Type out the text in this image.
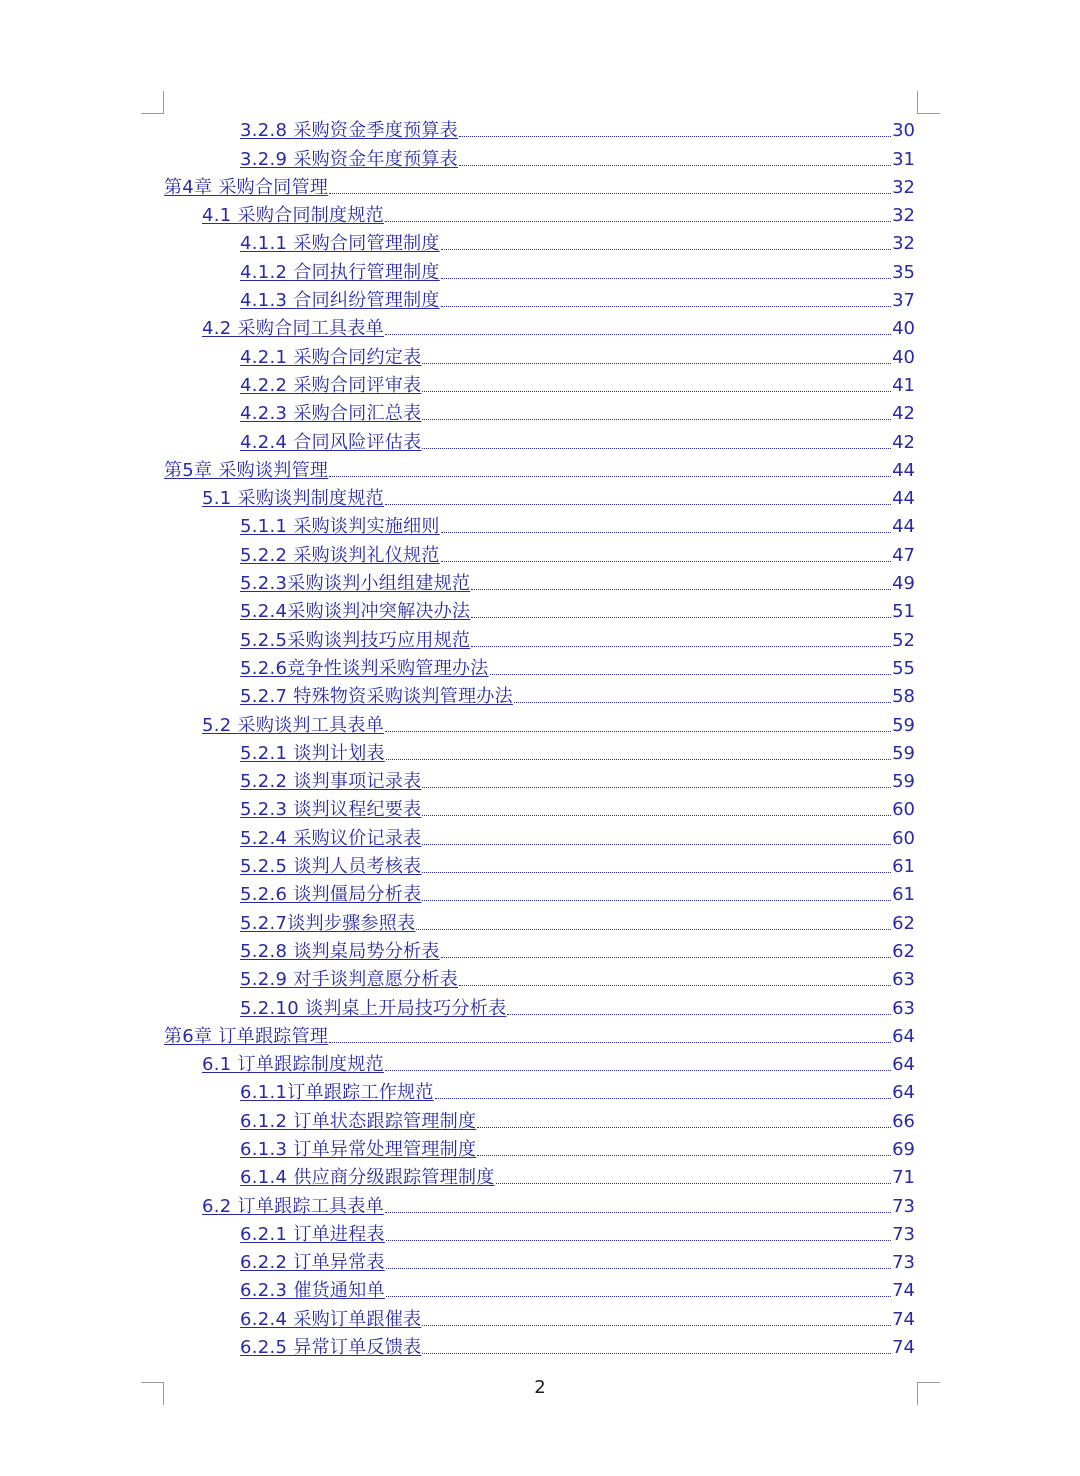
3.2.8 采购资金季度预算表	30
3.2.9 采购资金年度预算表	31
第4章 采购合同管理	32
4.1 采购合同制度规范	32
4.1.1 采购合同管理制度	32
4.1.2 合同执行管理制度	35
4.1.3 合同纠纷管理制度	37
4.2 采购合同工具表单	40
4.2.1 采购合同约定表	40
4.2.2 采购合同评审表	41
4.2.3 采购合同汇总表	42
4.2.4 合同风险评估表	42
第5章 采购谈判管理	44
5.1 采购谈判制度规范	44
5.1.1 采购谈判实施细则	44
5.2.2 采购谈判礼仪规范	47
5.2.3采购谈判小组组建规范	49
5.2.4采购谈判冲突解决办法	51
5.2.5采购谈判技巧应用规范	52
5.2.6竞争性谈判采购管理办法	55
5.2.7 特殊物资采购谈判管理办法	58
5.2 采购谈判工具表单	59
5.2.1 谈判计划表	59
5.2.2 谈判事项记录表	59
5.2.3 谈判议程纪要表	60
5.2.4 采购议价记录表	60
5.2.5 谈判人员考核表	61
5.2.6 谈判僵局分析表	61
5.2.7谈判步骤参照表	62
5.2.8 谈判桌局势分析表	62
5.2.9 对手谈判意愿分析表	63
5.2.10 谈判桌上开局技巧分析表	63
第6章 订单跟踪管理	64
6.1 订单跟踪制度规范	64
6.1.1订单跟踪工作规范	64
6.1.2 订单状态跟踪管理制度	66
6.1.3 订单异常处理管理制度	69
6.1.4 供应商分级跟踪管理制度	71
6.2 订单跟踪工具表单	73
6.2.1 订单进程表	73
6.2.2 订单异常表	73
6.2.3 催货通知单	74
6.2.4 采购订单跟催表	74
6.2.5 异常订单反馈表	74
2
